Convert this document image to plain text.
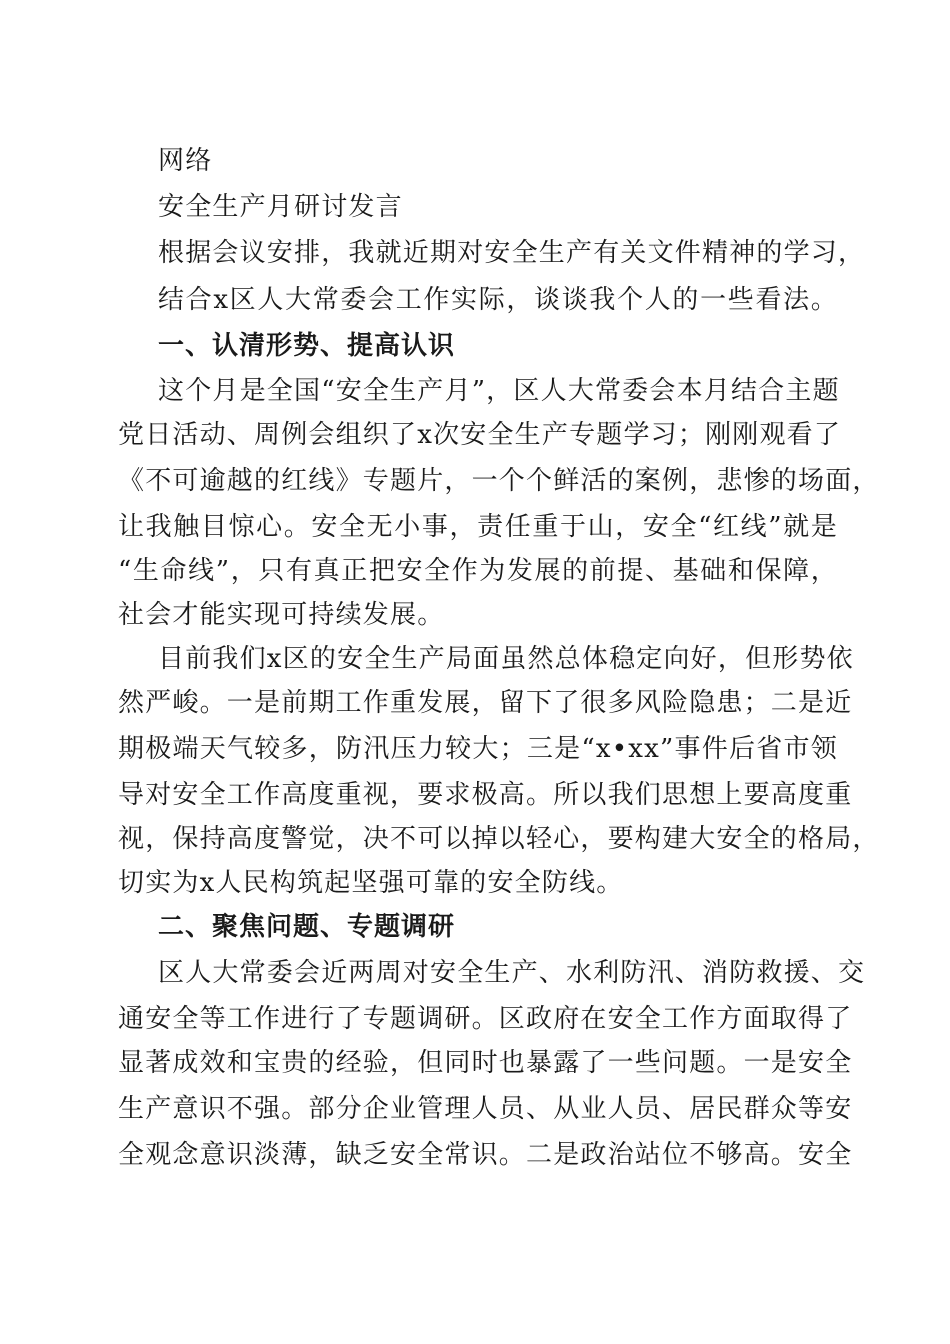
网络
安全生产月研讨发言
根据会议安排，我就近期对安全生产有关文件精神的学习，
结合x区人大常委会工作实际，谈谈我个人的一些看法。
一、认清形势、提高认识
这个月是全国“安全生产月”，区人大常委会本月结合主题
党日活动、周例会组织了x次安全生产专题学习；刚刚观看了
《不可逾越的红线》专题片，一个个鲜活的案例，悲惨的场面，
让我触目惊心。安全无小事，责任重于山，安全“红线”就是
“生命线”，只有真正把安全作为发展的前提、基础和保障，
社会才能实现可持续发展。
目前我们x区的安全生产局面虽然总体稳定向好，但形势依
然严峻。一是前期工作重发展，留下了很多风险隐患；二是近
期极端天气较多，防汛压力较大；三是“x•xx”事件后省市领
导对安全工作高度重视，要求极高。所以我们思想上要高度重
视，保持高度警觉，决不可以掉以轻心，要构建大安全的格局，
切实为x人民构筑起坚强可靠的安全防线。
二、聚焦问题、专题调研
区人大常委会近两周对安全生产、水利防汛、消防救援、交
通安全等工作进行了专题调研。区政府在安全工作方面取得了
显著成效和宝贵的经验，但同时也暴露了一些问题。一是安全
生产意识不强。部分企业管理人员、从业人员、居民群众等安
全观念意识淡薄，缺乏安全常识。二是政治站位不够高。安全
